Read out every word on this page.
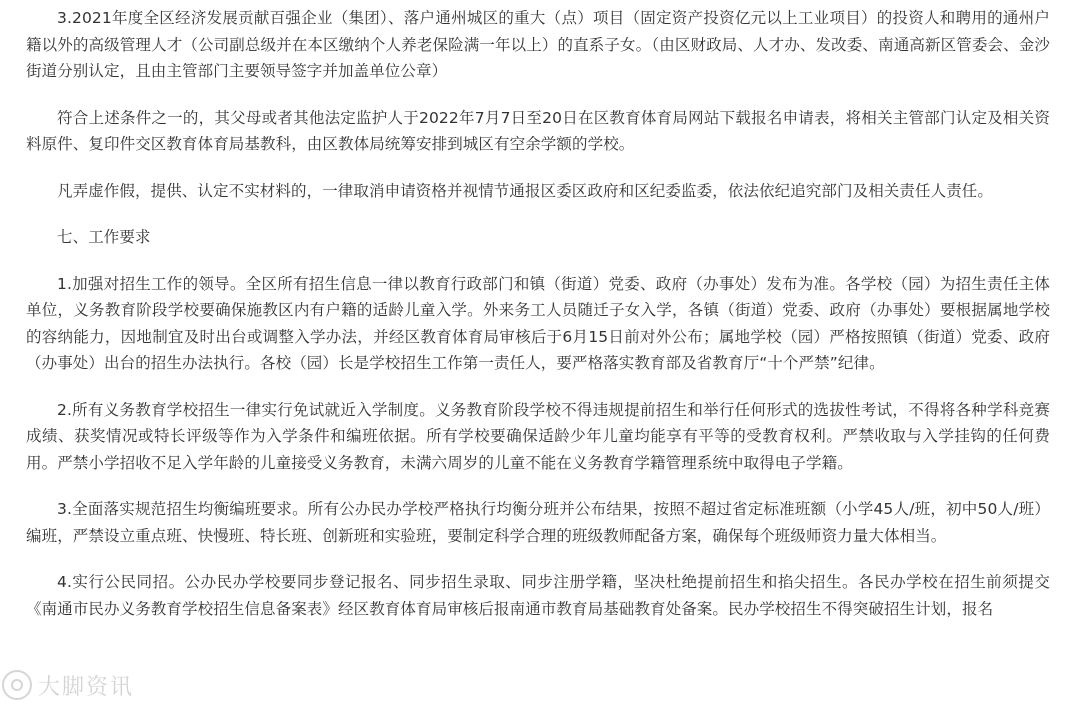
3.2021年度全区经济发展贡献百强企业（集团）、落户通州城区的重大（点）项目（固定资产投资亿元以上工业项目）的投资人和聘用的通州户籍以外的高级管理人才（公司副总级并在本区缴纳个人养老保险满一年以上）的直系子女。（由区财政局、人才办、发改委、南通高新区管委会、金沙街道分别认定，且由主管部门主要领导签字并加盖单位公章）

符合上述条件之一的，其父母或者其他法定监护人于2022年7月7日至20日在区教育体育局网站下载报名申请表，将相关主管部门认定及相关资料原件、复印件交区教育体育局基教科，由区教体局统筹安排到城区有空余学额的学校。

凡弄虚作假，提供、认定不实材料的，一律取消申请资格并视情节通报区委区政府和区纪委监委，依法依纪追究部门及相关责任人责任。

七、工作要求

1.加强对招生工作的领导。全区所有招生信息一律以教育行政部门和镇（街道）党委、政府（办事处）发布为准。各学校（园）为招生责任主体单位，义务教育阶段学校要确保施教区内有户籍的适龄儿童入学。外来务工人员随迁子女入学，各镇（街道）党委、政府（办事处）要根据属地学校的容纳能力，因地制宜及时出台或调整入学办法，并经区教育体育局审核后于6月15日前对外公布；属地学校（园）严格按照镇（街道）党委、政府（办事处）出台的招生办法执行。各校（园）长是学校招生工作第一责任人，要严格落实教育部及省教育厅“十个严禁”纪律。

2.所有义务教育学校招生一律实行免试就近入学制度。义务教育阶段学校不得违规提前招生和举行任何形式的选拔性考试，不得将各种学科竞赛成绩、获奖情况或特长评级等作为入学条件和编班依据。所有学校要确保适龄少年儿童均能享有平等的受教育权利。严禁收取与入学挂钩的任何费用。严禁小学招收不足入学年龄的儿童接受义务教育，未满六周岁的儿童不能在义务教育学籍管理系统中取得电子学籍。

3.全面落实规范招生均衡编班要求。所有公办民办学校严格执行均衡分班并公布结果，按照不超过省定标准班额（小学45人/班，初中50人/班）编班，严禁设立重点班、快慢班、特长班、创新班和实验班，要制定科学合理的班级教师配备方案，确保每个班级师资力量大体相当。

4.实行公民同招。公办民办学校要同步登记报名、同步招生录取、同步注册学籍，坚决杜绝提前招生和掐尖招生。各民办学校在招生前须提交《南通市民办义务教育学校招生信息备案表》经区教育体育局审核后报南通市教育局基础教育处备案。民办学校招生不得突破招生计划，报名

大脚资讯
